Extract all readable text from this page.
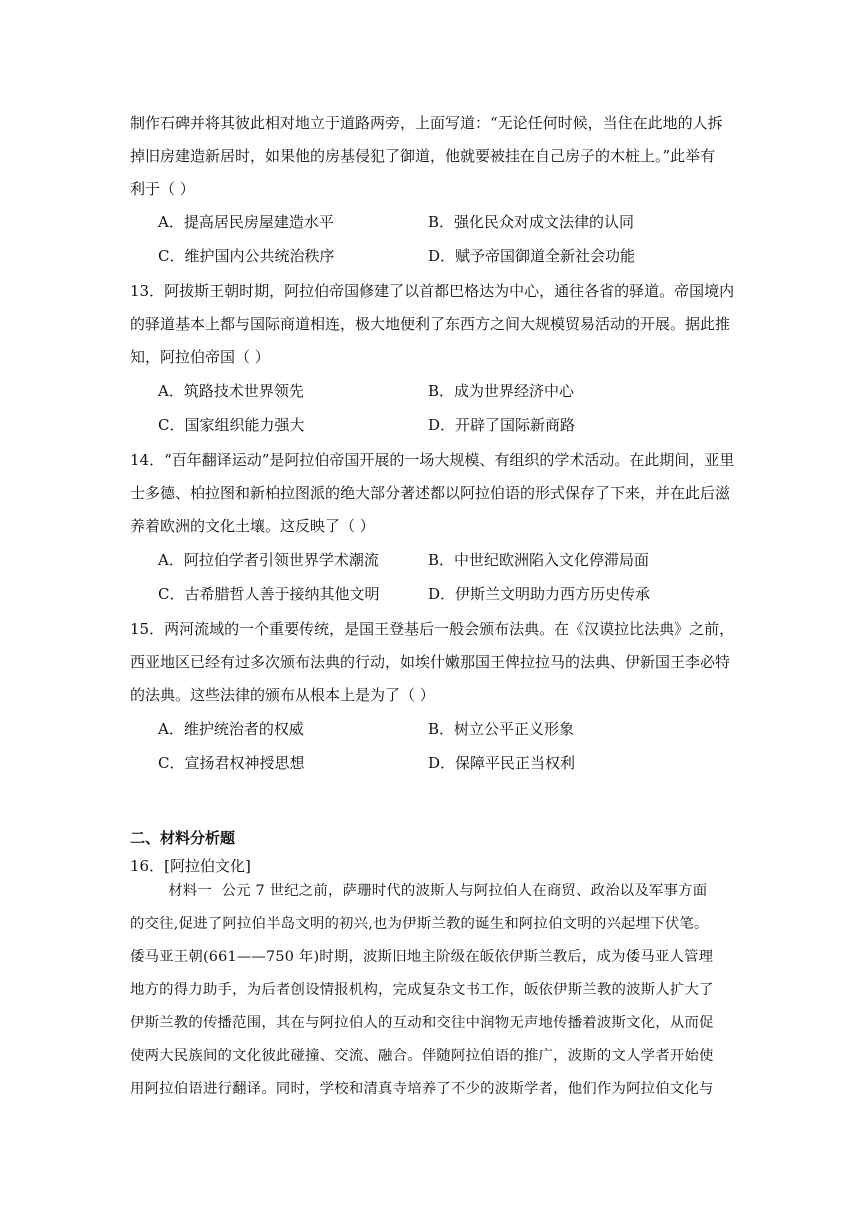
制作石碑并将其彼此相对地立于道路两旁，上面写道：“无论任何时候，当住在此地的人拆
掉旧房建造新居时，如果他的房基侵犯了御道，他就要被挂在自己房子的木桩上。”此举有
利于（ ）
A．提高居民房屋建造水平	B．强化民众对成文法律的认同
C．维护国内公共统治秩序	D．赋予帝国御道全新社会功能
13．阿拔斯王朝时期，阿拉伯帝国修建了以首都巴格达为中心，通往各省的驿道。帝国境内
的驿道基本上都与国际商道相连，极大地便利了东西方之间大规模贸易活动的开展。据此推
知，阿拉伯帝国（ ）
A．筑路技术世界领先	B．成为世界经济中心
C．国家组织能力强大	D．开辟了国际新商路
14．“百年翻译运动”是阿拉伯帝国开展的一场大规模、有组织的学术活动。在此期间，亚里
士多德、柏拉图和新柏拉图派的绝大部分著述都以阿拉伯语的形式保存了下来，并在此后滋
养着欧洲的文化土壤。这反映了（ ）
A．阿拉伯学者引领世界学术潮流	B．中世纪欧洲陷入文化停滞局面
C．古希腊哲人善于接纳其他文明	D．伊斯兰文明助力西方历史传承
15．两河流域的一个重要传统，是国王登基后一般会颁布法典。在《汉谟拉比法典》之前，
西亚地区已经有过多次颁布法典的行动，如埃什嫩那国王俾拉拉马的法典、伊新国王李必特
的法典。这些法律的颁布从根本上是为了（ ）
A．维护统治者的权威	B．树立公平正义形象
C．宣扬君权神授思想	D．保障平民正当权利
二、材料分析题
16．[阿拉伯文化]
材料一  公元 7 世纪之前，萨珊时代的波斯人与阿拉伯人在商贸、政治以及军事方面
的交往,促进了阿拉伯半岛文明的初兴,也为伊斯兰教的诞生和阿拉伯文明的兴起埋下伏笔。
倭马亚王朝(661——750 年)时期，波斯旧地主阶级在皈依伊斯兰教后，成为倭马亚人管理
地方的得力助手，为后者创设情报机构，完成复杂文书工作，皈依伊斯兰教的波斯人扩大了
伊斯兰教的传播范围，其在与阿拉伯人的互动和交往中润物无声地传播着波斯文化，从而促
使两大民族间的文化彼此碰撞、交流、融合。伴随阿拉伯语的推广，波斯的文人学者开始使
用阿拉伯语进行翻译。同时，学校和清真寺培养了不少的波斯学者，他们作为阿拉伯文化与
